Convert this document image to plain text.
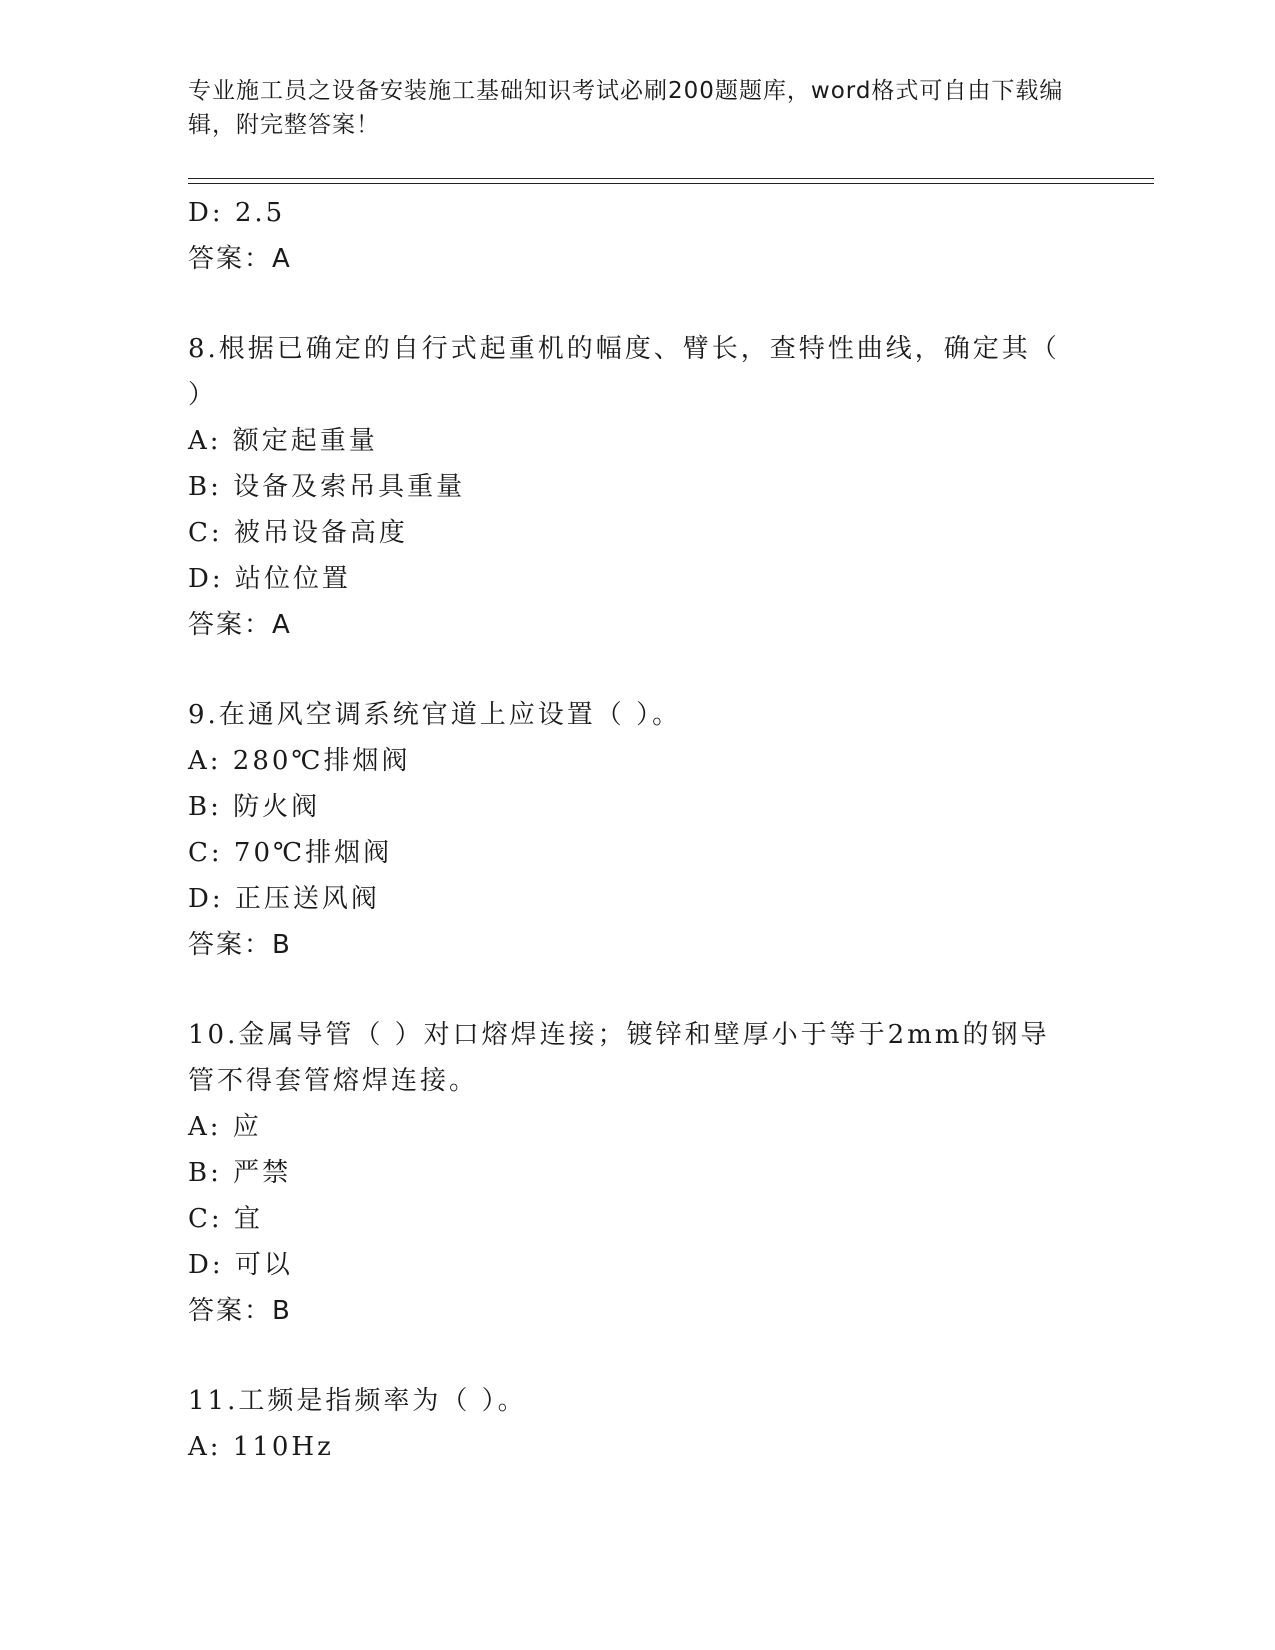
专业施工员之设备安装施工基础知识考试必刷200题题库，word格式可自由下载编辑，附完整答案！
D: 2.5
答案：A
8.根据已确定的自行式起重机的幅度、臂长，查特性曲线，确定其（ ）
A: 额定起重量
B: 设备及索吊具重量
C: 被吊设备高度
D: 站位位置
答案：A
9.在通风空调系统官道上应设置（ ）。
A: 280℃排烟阀
B: 防火阀
C: 70℃排烟阀
D: 正压送风阀
答案：B
10.金属导管（ ）对口熔焊连接；镀锌和壁厚小于等于2mm的钢导管不得套管熔焊连接。
A: 应
B: 严禁
C: 宜
D: 可以
答案：B
11.工频是指频率为（ ）。
A: 110Hz
